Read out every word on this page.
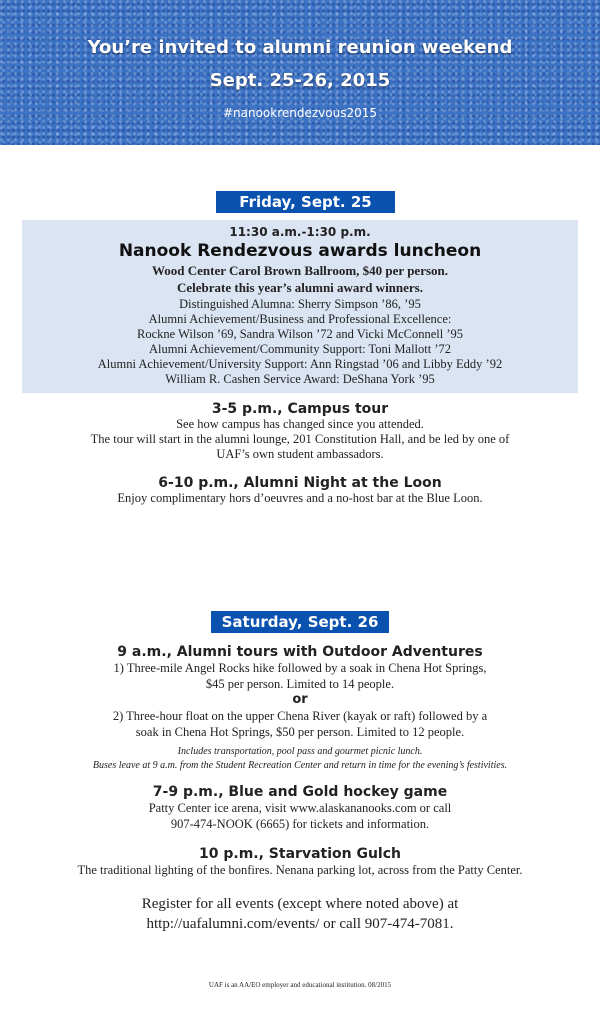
You’re invited to alumni reunion weekend
Sept. 25-26, 2015
#nanookrendezvous2015
Friday, Sept. 25
11:30 a.m.-1:30 p.m.
Nanook Rendezvous awards luncheon
Wood Center Carol Brown Ballroom, $40 per person.
Celebrate this year’s alumni award winners.
Distinguished Alumna: Sherry Simpson ’86, ’95
Alumni Achievement/Business and Professional Excellence:
Rockne Wilson ’69, Sandra Wilson ’72 and Vicki McConnell ’95
Alumni Achievement/Community Support: Toni Mallott ’72
Alumni Achievement/University Support: Ann Ringstad ’06 and Libby Eddy ’92
William R. Cashen Service Award: DeShana York ’95
3-5 p.m., Campus tour
See how campus has changed since you attended.
The tour will start in the alumni lounge, 201 Constitution Hall, and be led by one of
UAF’s own student ambassadors.
6-10 p.m., Alumni Night at the Loon
Enjoy complimentary hors d’oeuvres and a no-host bar at the Blue Loon.
Saturday, Sept. 26
9 a.m., Alumni tours with Outdoor Adventures
1) Three-mile Angel Rocks hike followed by a soak in Chena Hot Springs,
$45 per person. Limited to 14 people.
or
2) Three-hour float on the upper Chena River (kayak or raft) followed by a
soak in Chena Hot Springs, $50 per person. Limited to 12 people.
Includes transportation, pool pass and gourmet picnic lunch.
Buses leave at 9 a.m. from the Student Recreation Center and return in time for the evening’s festivities.
7-9 p.m., Blue and Gold hockey game
Patty Center ice arena, visit www.alaskananooks.com or call
907-474-NOOK (6665) for tickets and information.
10 p.m., Starvation Gulch
The traditional lighting of the bonfires. Nenana parking lot, across from the Patty Center.
Register for all events (except where noted above) at
http://uafalumni.com/events/ or call 907-474-7081.
UAF is an AA/EO employer and educational institution. 08/2015
